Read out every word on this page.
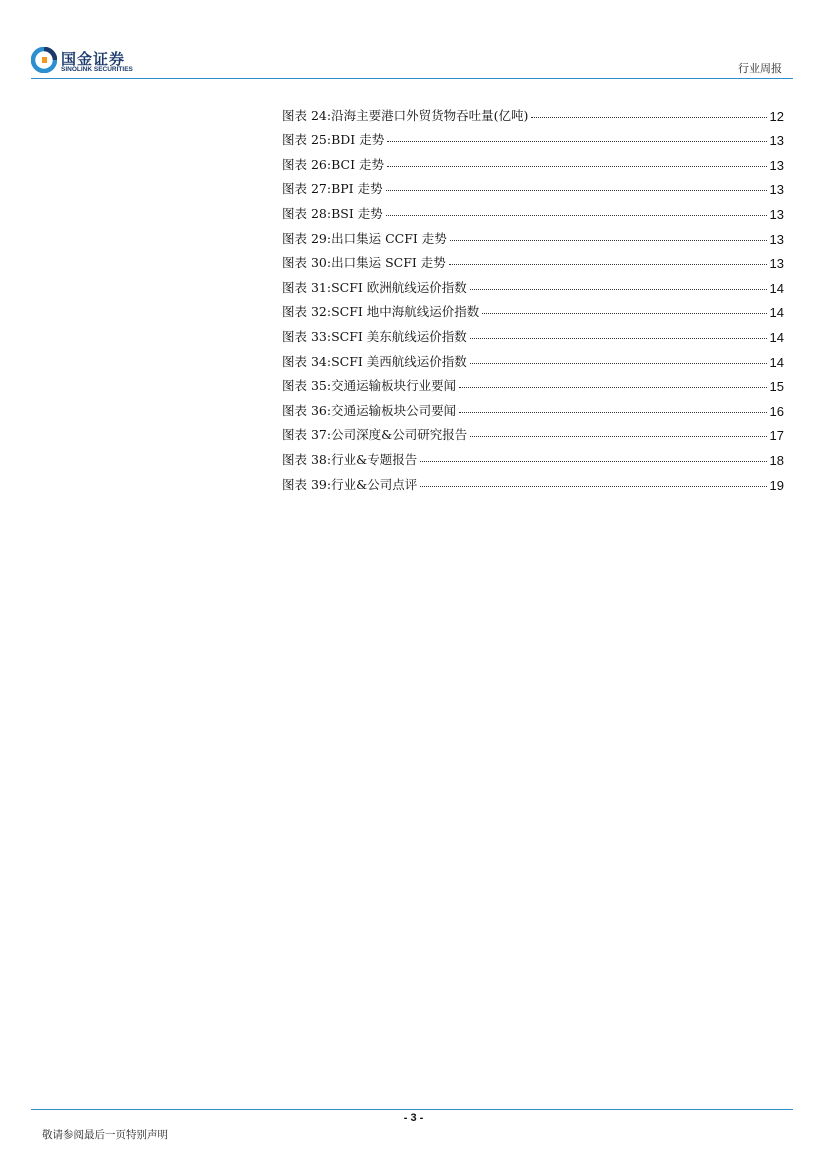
国金证券
SINOLINK SECURITIES	行业周报
图表 24:沿海主要港口外贸货物吞吐量(亿吨)	12
图表 25:BDI 走势	13
图表 26:BCI 走势	13
图表 27:BPI 走势	13
图表 28:BSI 走势	13
图表 29:出口集运 CCFI 走势	13
图表 30:出口集运 SCFI 走势	13
图表 31:SCFI 欧洲航线运价指数	14
图表 32:SCFI 地中海航线运价指数	14
图表 33:SCFI 美东航线运价指数	14
图表 34:SCFI 美西航线运价指数	14
图表 35:交通运输板块行业要闻	15
图表 36:交通运输板块公司要闻	16
图表 37:公司深度&公司研究报告	17
图表 38:行业&专题报告	18
图表 39:行业&公司点评	19
- 3 -
敬请参阅最后一页特别声明
